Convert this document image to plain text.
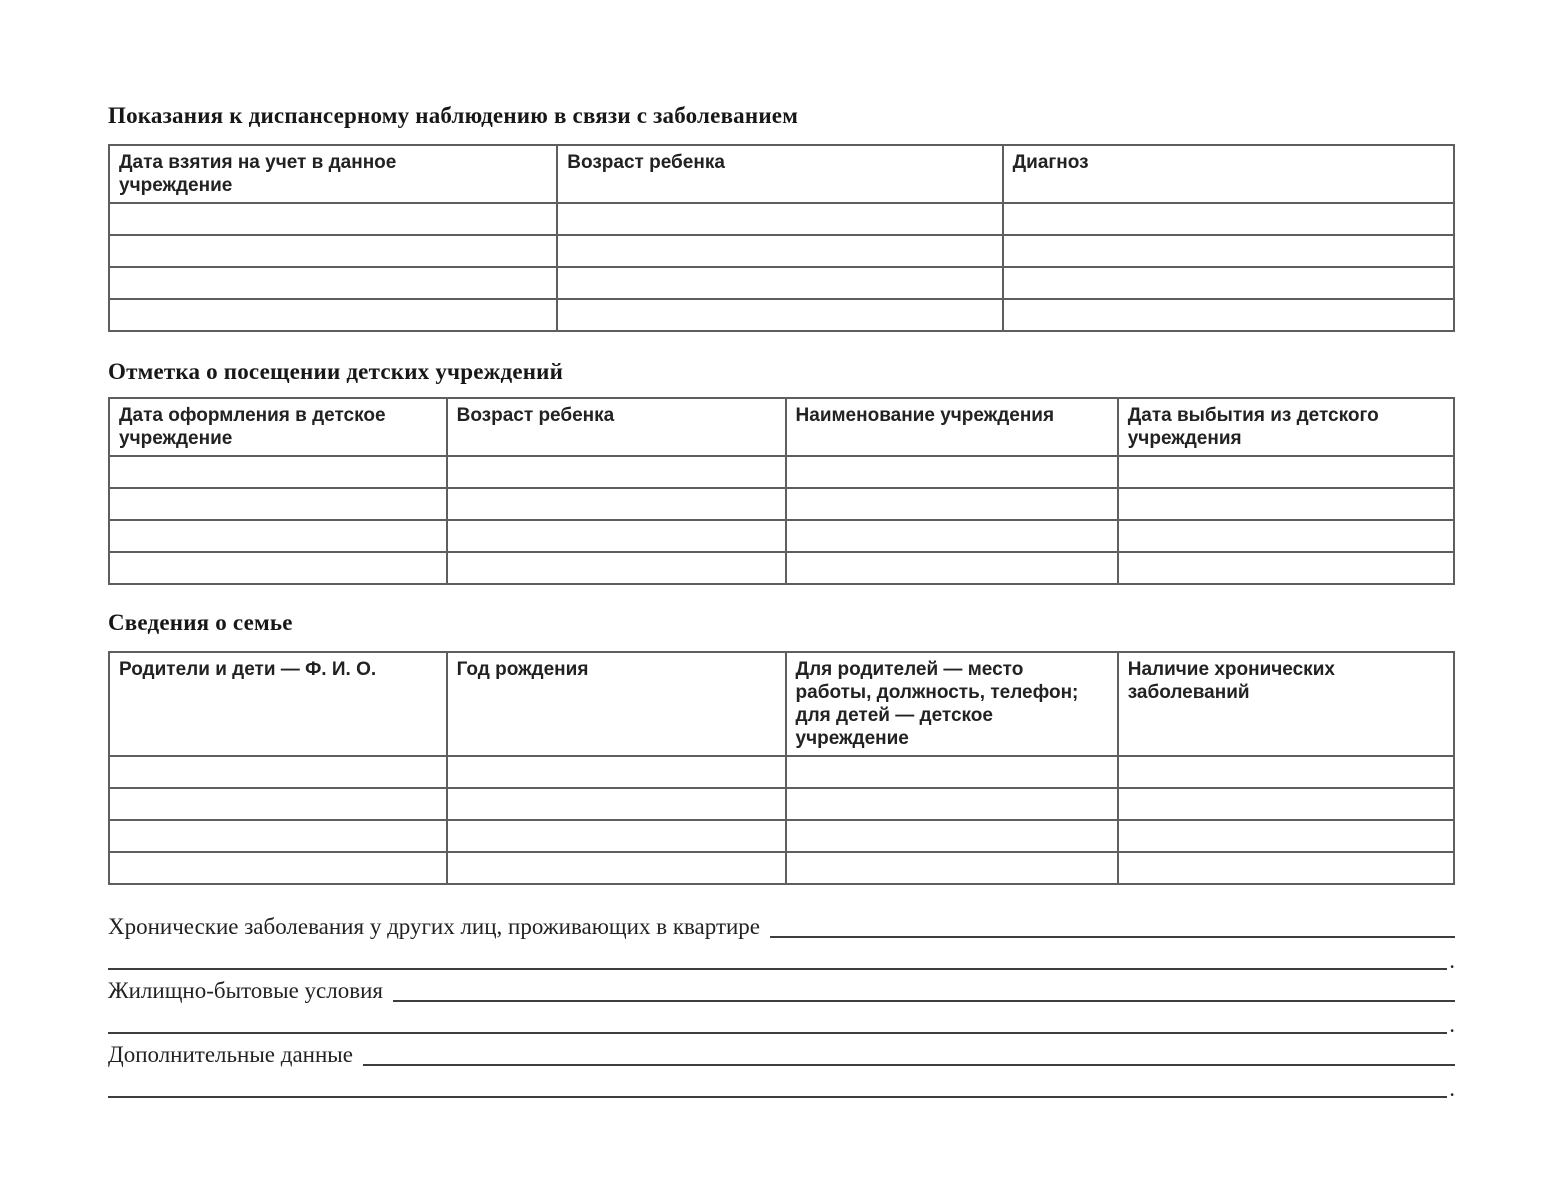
Показания к диспансерному наблюдению в связи с заболеванием
Дата взятия на учет в данное учреждение	Возраст ребенка	Диагноз

Отметка о посещении детских учреждений
Дата оформления в детское учреждение	Возраст ребенка	Наименование учреждения	Дата выбытия из детского учреждения

Сведения о семье
Родители и дети — Ф. И. О.	Год рождения	Для родителей — место работы, должность, телефон; для детей — детское учреждение	Наличие хронических заболеваний

Хронические заболевания у других лиц, проживающих в квартире
.
Жилищно-бытовые условия
.
Дополнительные данные
.
